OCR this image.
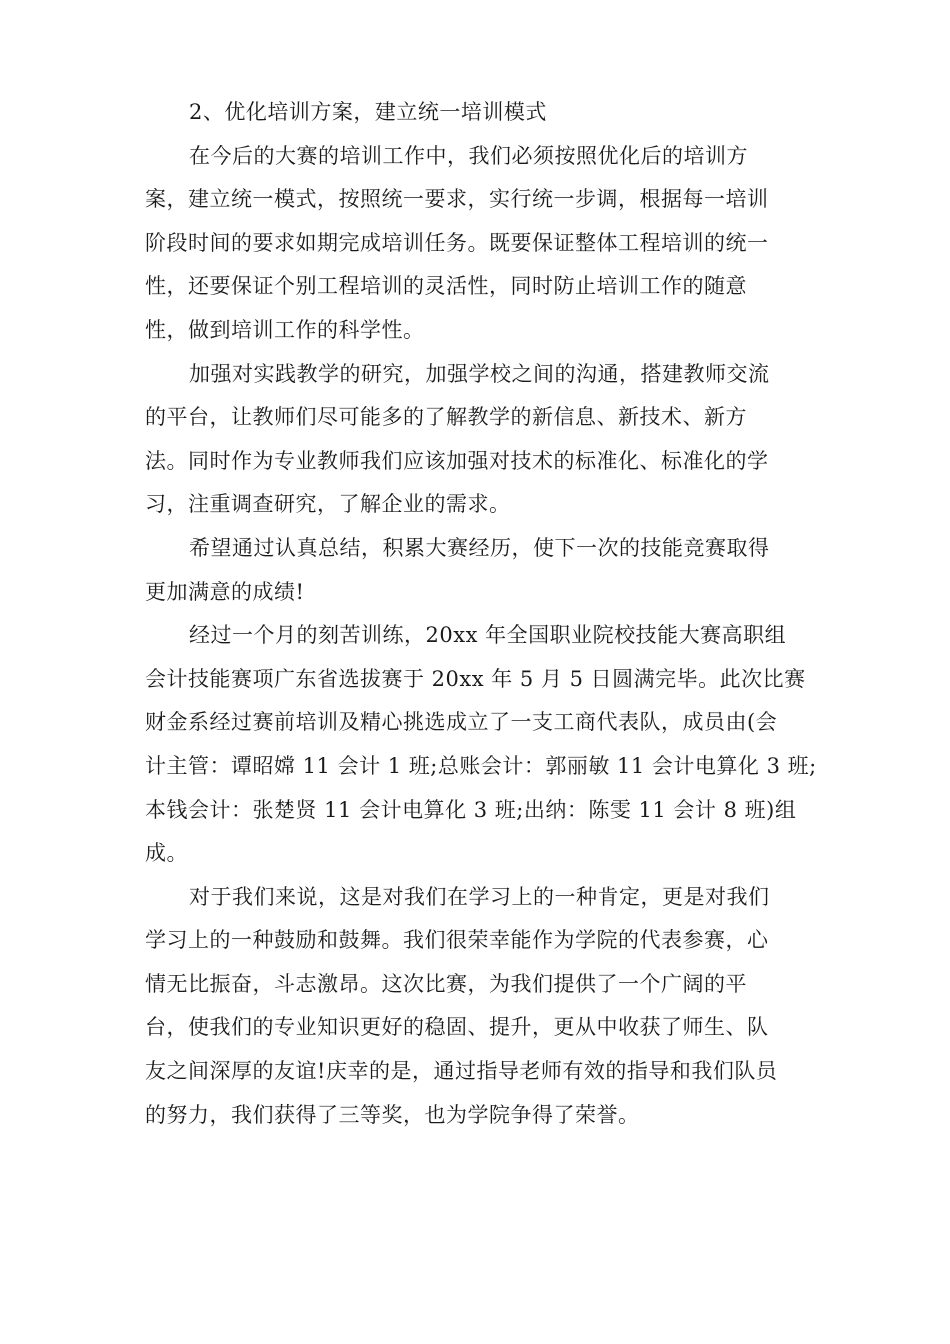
2、优化培训方案，建立统一培训模式
在今后的大赛的培训工作中，我们必须按照优化后的培训方
案，建立统一模式，按照统一要求，实行统一步调，根据每一培训
阶段时间的要求如期完成培训任务。既要保证整体工程培训的统一
性，还要保证个别工程培训的灵活性，同时防止培训工作的随意
性，做到培训工作的科学性。
加强对实践教学的研究，加强学校之间的沟通，搭建教师交流
的平台，让教师们尽可能多的了解教学的新信息、新技术、新方
法。同时作为专业教师我们应该加强对技术的标准化、标准化的学
习，注重调查研究，了解企业的需求。
希望通过认真总结，积累大赛经历，使下一次的技能竞赛取得
更加满意的成绩!
经过一个月的刻苦训练，20xx 年全国职业院校技能大赛高职组
会计技能赛项广东省选拔赛于 20xx 年 5 月 5 日圆满完毕。此次比赛
财金系经过赛前培训及精心挑选成立了一支工商代表队，成员由(会
计主管：谭昭嫦 11 会计 1 班;总账会计：郭丽敏 11 会计电算化 3 班;
本钱会计：张楚贤 11 会计电算化 3 班;出纳：陈雯 11 会计 8 班)组
成。
对于我们来说，这是对我们在学习上的一种肯定，更是对我们
学习上的一种鼓励和鼓舞。我们很荣幸能作为学院的代表参赛，心
情无比振奋，斗志激昂。这次比赛，为我们提供了一个广阔的平
台，使我们的专业知识更好的稳固、提升，更从中收获了师生、队
友之间深厚的友谊!庆幸的是，通过指导老师有效的指导和我们队员
的努力，我们获得了三等奖，也为学院争得了荣誉。
